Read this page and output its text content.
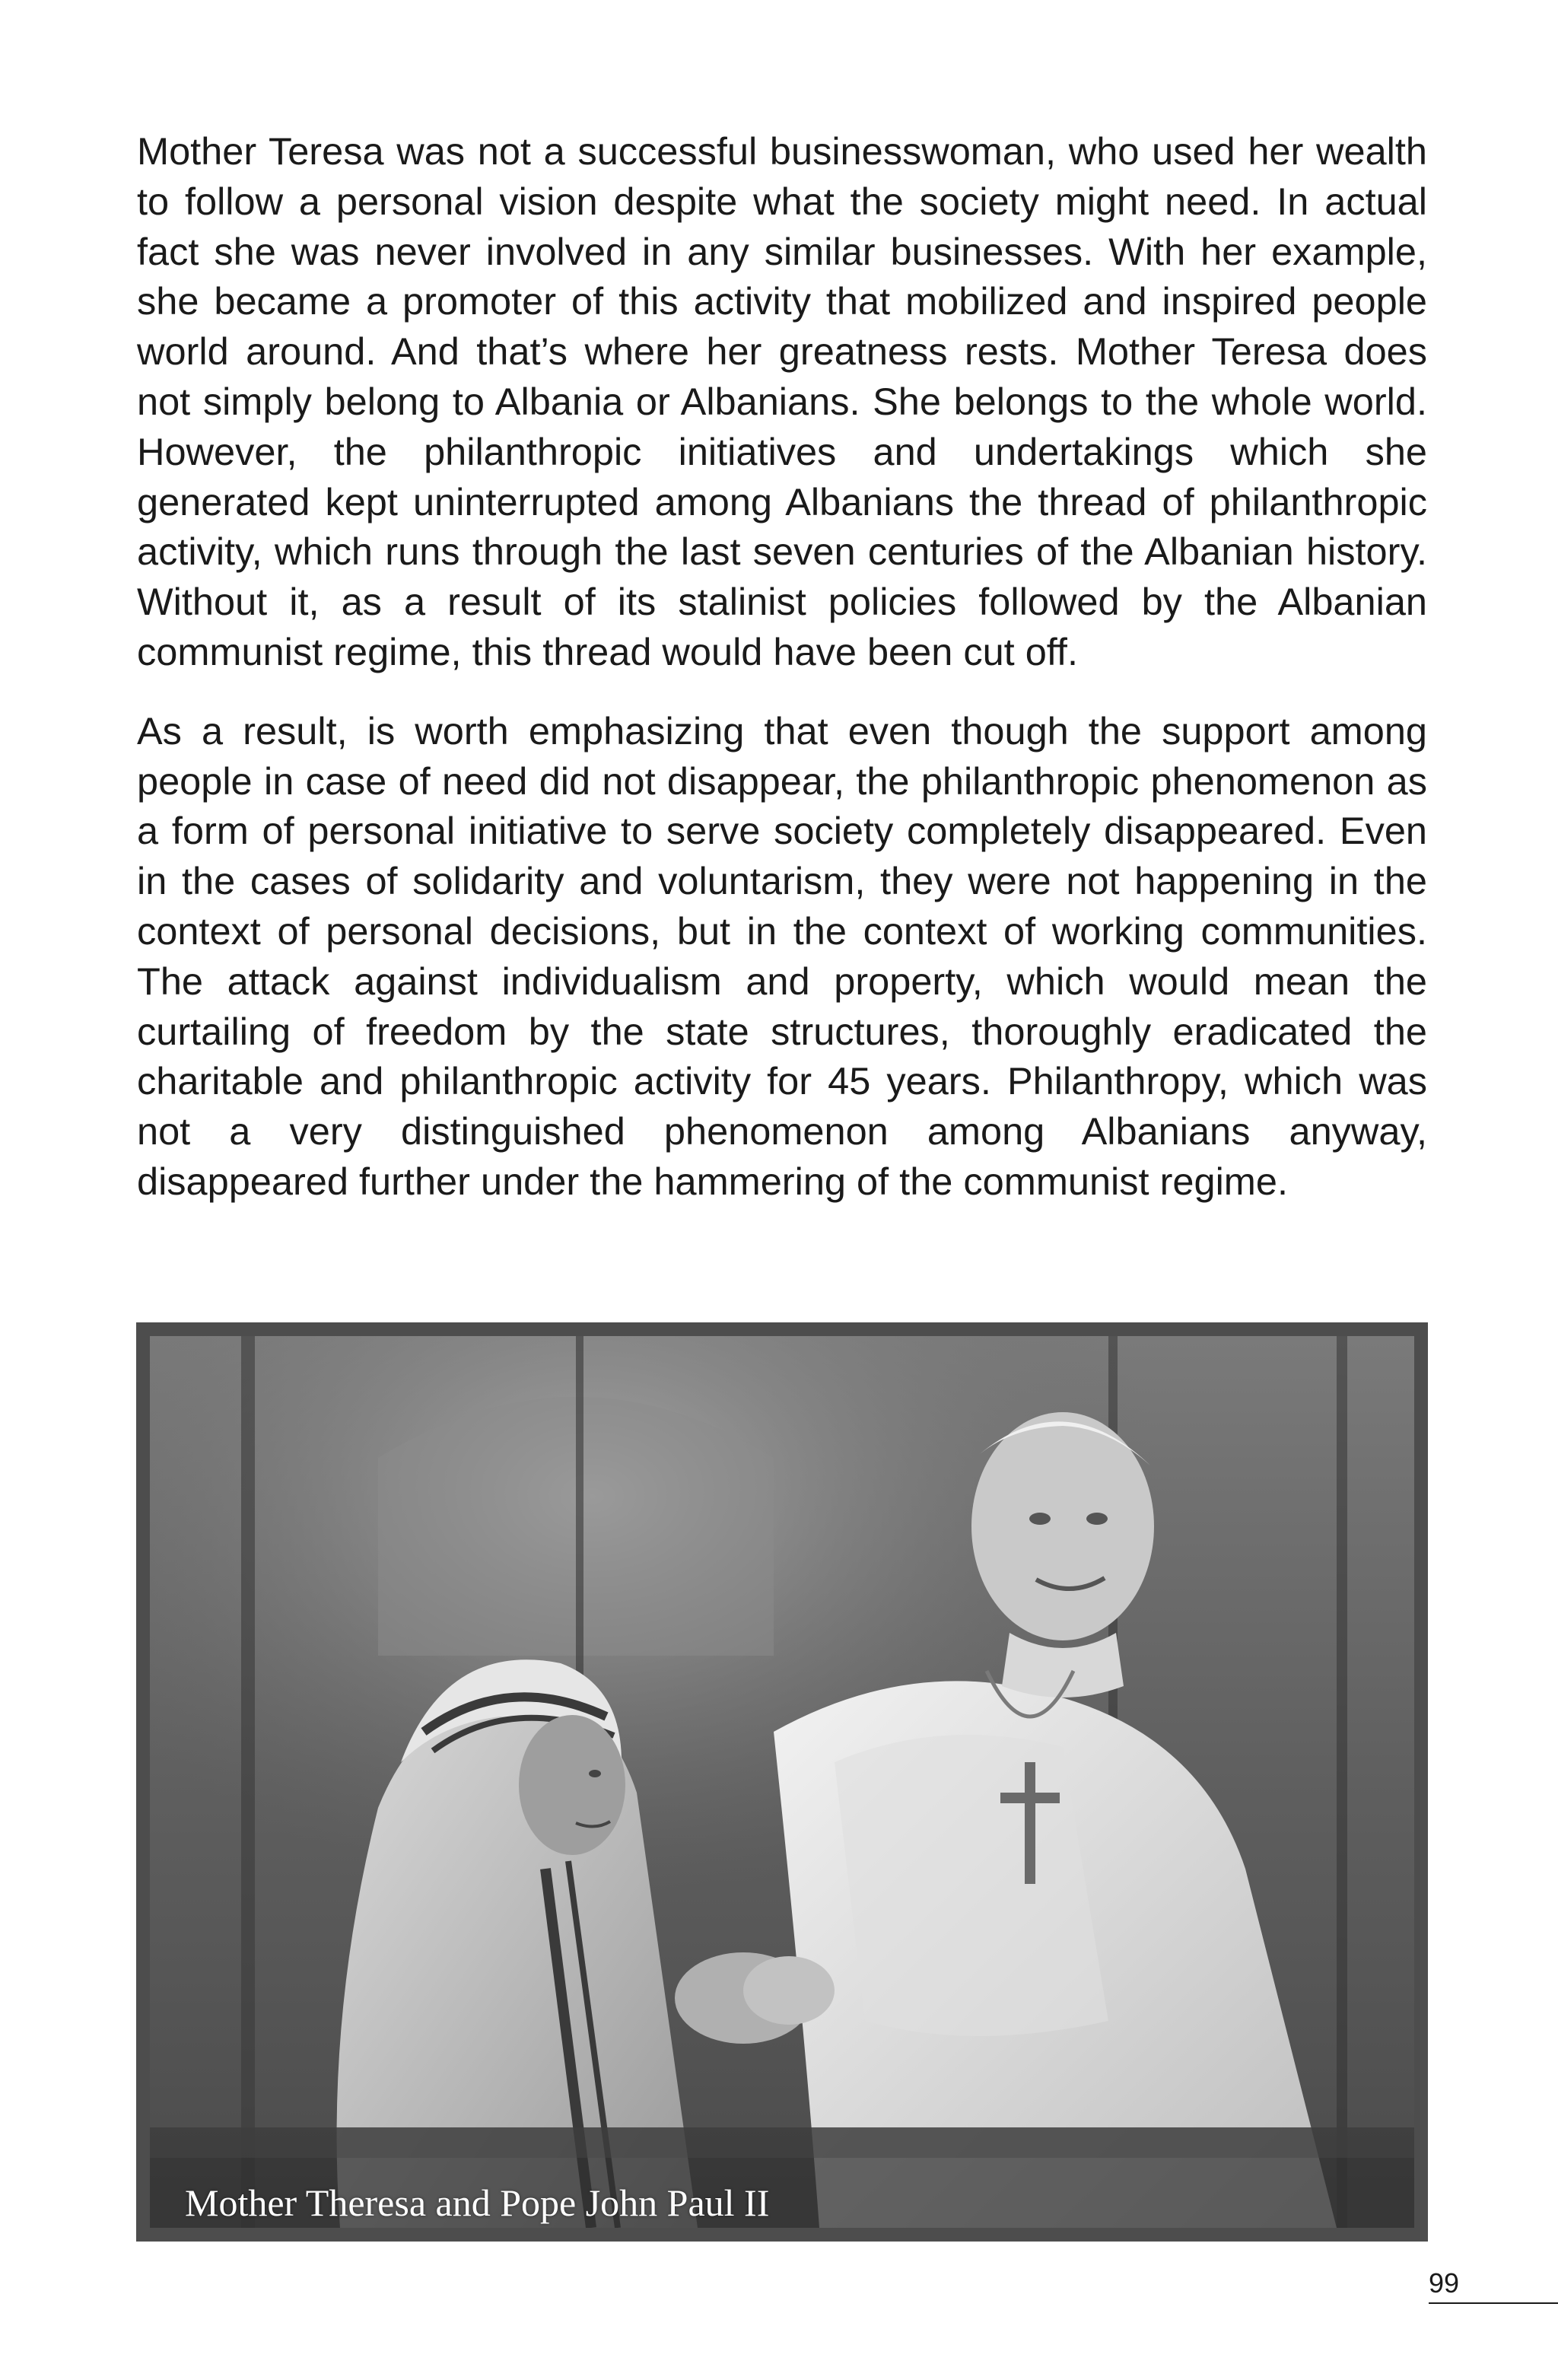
Mother Teresa was not a successful businesswoman, who used her wealth to follow a personal vision despite what the society might need. In actual fact she was never involved in any similar businesses. With her example, she became a promoter of this activity that mobilized and inspired people world around. And that’s where her greatness rests. Mother Teresa does not simply belong to Albania or Albanians. She belongs to the whole world. However, the philanthropic initiatives and undertakings which she generated kept uninterrupted among Albanians the thread of philanthropic activity, which runs through the last seven centuries of the Albanian history. Without it, as a result of its stalinist policies followed by the Albanian communist regime, this thread would have been cut off.

As a result, is worth emphasizing that even though the support among people in case of need did not disappear, the philanthropic phenomenon as a form of personal initiative to serve society completely disappeared. Even in the cases of solidarity and voluntarism, they were not happening in the context of personal decisions, but in the context of working communities. The attack against individualism and property, which would mean the curtailing of freedom by the state structures, thoroughly eradicated the charitable and philanthropic activity for 45 years. Philanthropy, which was not a very distinguished phenomenon among Albanians anyway, disappeared further under the hammering of the communist regime.

Mother Theresa and Pope John Paul II
99
